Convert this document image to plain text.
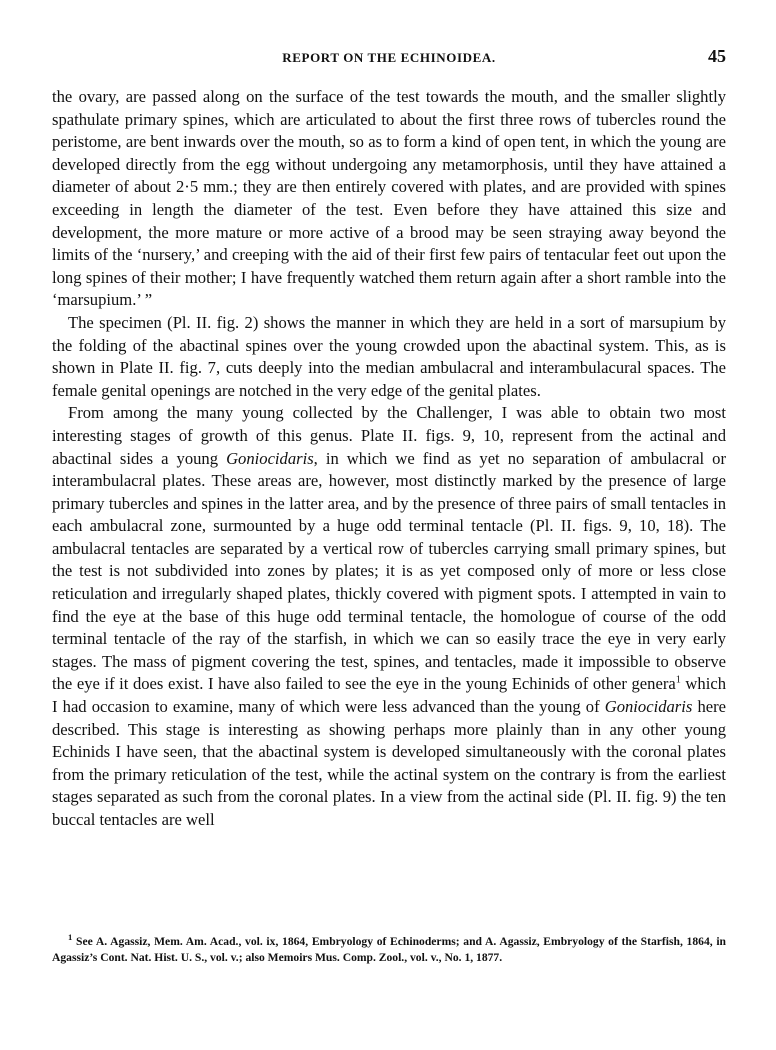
REPORT ON THE ECHINOIDEA.	45

the ovary, are passed along on the surface of the test towards the mouth, and the smaller slightly spathulate primary spines, which are articulated to about the first three rows of tubercles round the peristome, are bent inwards over the mouth, so as to form a kind of open tent, in which the young are developed directly from the egg without undergoing any metamorphosis, until they have attained a diameter of about 2·5 mm.; they are then entirely covered with plates, and are provided with spines exceeding in length the diameter of the test. Even before they have attained this size and development, the more mature or more active of a brood may be seen straying away beyond the limits of the ‘nursery,’ and creeping with the aid of their first few pairs of tentacular feet out upon the long spines of their mother; I have frequently watched them return again after a short ramble into the ‘marsupium.’ ”

The specimen (Pl. II. fig. 2) shows the manner in which they are held in a sort of marsupium by the folding of the abactinal spines over the young crowded upon the abactinal system. This, as is shown in Plate II. fig. 7, cuts deeply into the median ambulacral and interambulacural spaces. The female genital openings are notched in the very edge of the genital plates.

From among the many young collected by the Challenger, I was able to obtain two most interesting stages of growth of this genus. Plate II. figs. 9, 10, represent from the actinal and abactinal sides a young Goniocidaris, in which we find as yet no separation of ambulacral or interambulacral plates. These areas are, however, most distinctly marked by the presence of large primary tubercles and spines in the latter area, and by the presence of three pairs of small tentacles in each ambulacral zone, surmounted by a huge odd terminal tentacle (Pl. II. figs. 9, 10, 18). The ambulacral tentacles are separated by a vertical row of tubercles carrying small primary spines, but the test is not subdivided into zones by plates; it is as yet composed only of more or less close reticulation and irregularly shaped plates, thickly covered with pigment spots. I attempted in vain to find the eye at the base of this huge odd terminal tentacle, the homologue of course of the odd terminal tentacle of the ray of the starfish, in which we can so easily trace the eye in very early stages. The mass of pigment covering the test, spines, and tentacles, made it impossible to observe the eye if it does exist. I have also failed to see the eye in the young Echinids of other genera$^1$ which I had occasion to examine, many of which were less advanced than the young of Goniocidaris here described. This stage is interesting as showing perhaps more plainly than in any other young Echinids I have seen, that the abactinal system is developed simultaneously with the coronal plates from the primary reticulation of the test, while the actinal system on the contrary is from the earliest stages separated as such from the coronal plates. In a view from the actinal side (Pl. II. fig. 9) the ten buccal tentacles are well

$^1$ See A. Agassiz, Mem. Am. Acad., vol. ix, 1864, Embryology of Echinoderms; and A. Agassiz, Embryology of the Starfish, 1864, in Agassiz’s Cont. Nat. Hist. U. S., vol. v.; also Memoirs Mus. Comp. Zool., vol. v., No. 1, 1877.
